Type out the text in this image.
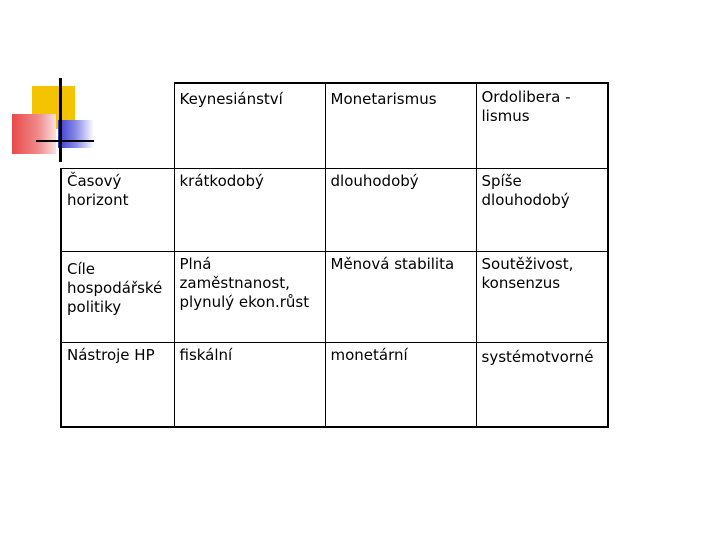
	Keynesiánství	Monetarismus	Ordolibera -lismus
Časový horizont	krátkodobý	dlouhodobý	Spíše dlouhodobý
Cíle hospodářské politiky	Plná zaměstnanost, plynulý ekon.růst	Měnová stabilita	Soutěživost, konsenzus
Nástroje HP	fiskální	monetární	systémotvorné
